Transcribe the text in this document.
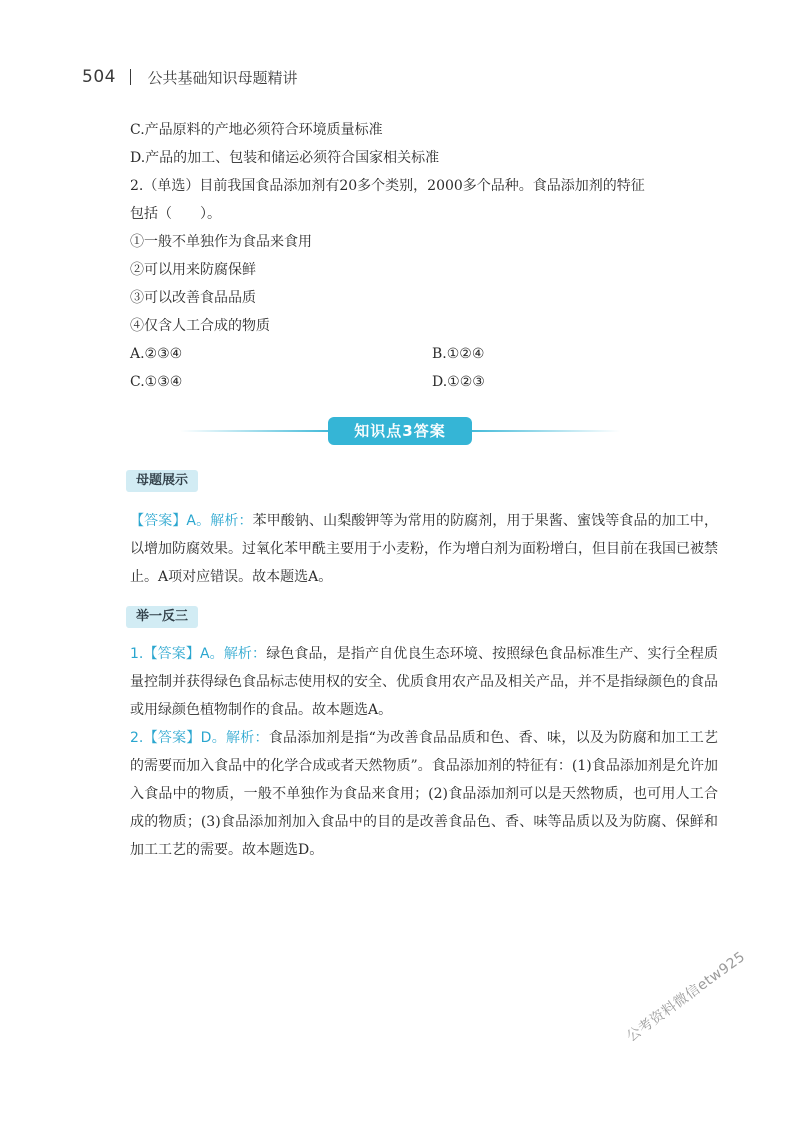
504 公共基础知识母题精讲
C.产品原料的产地必须符合环境质量标准
D.产品的加工、包装和储运必须符合国家相关标准
2.（单选）目前我国食品添加剂有20多个类别，2000多个品种。食品添加剂的特征
包括（　　）。
①一般不单独作为食品来食用
②可以用来防腐保鲜
③可以改善食品品质
④仅含人工合成的物质
A.②③④	B.①②④
C.①③④	D.①②③
知识点3答案
母题展示
【答案】A。解析：苯甲酸钠、山梨酸钾等为常用的防腐剂，用于果酱、蜜饯等食品的加工中，以增加防腐效果。过氧化苯甲酰主要用于小麦粉，作为增白剂为面粉增白，但目前在我国已被禁止。A项对应错误。故本题选A。
举一反三
1.【答案】A。解析：绿色食品，是指产自优良生态环境、按照绿色食品标准生产、实行全程质量控制并获得绿色食品标志使用权的安全、优质食用农产品及相关产品，并不是指绿颜色的食品或用绿颜色植物制作的食品。故本题选A。
2.【答案】D。解析：食品添加剂是指“为改善食品品质和色、香、味，以及为防腐和加工工艺的需要而加入食品中的化学合成或者天然物质”。食品添加剂的特征有：(1)食品添加剂是允许加入食品中的物质，一般不单独作为食品来食用；(2)食品添加剂可以是天然物质，也可用人工合成的物质；(3)食品添加剂加入食品中的目的是改善食品色、香、味等品质以及为防腐、保鲜和加工工艺的需要。故本题选D。
公考资料微信etw925
